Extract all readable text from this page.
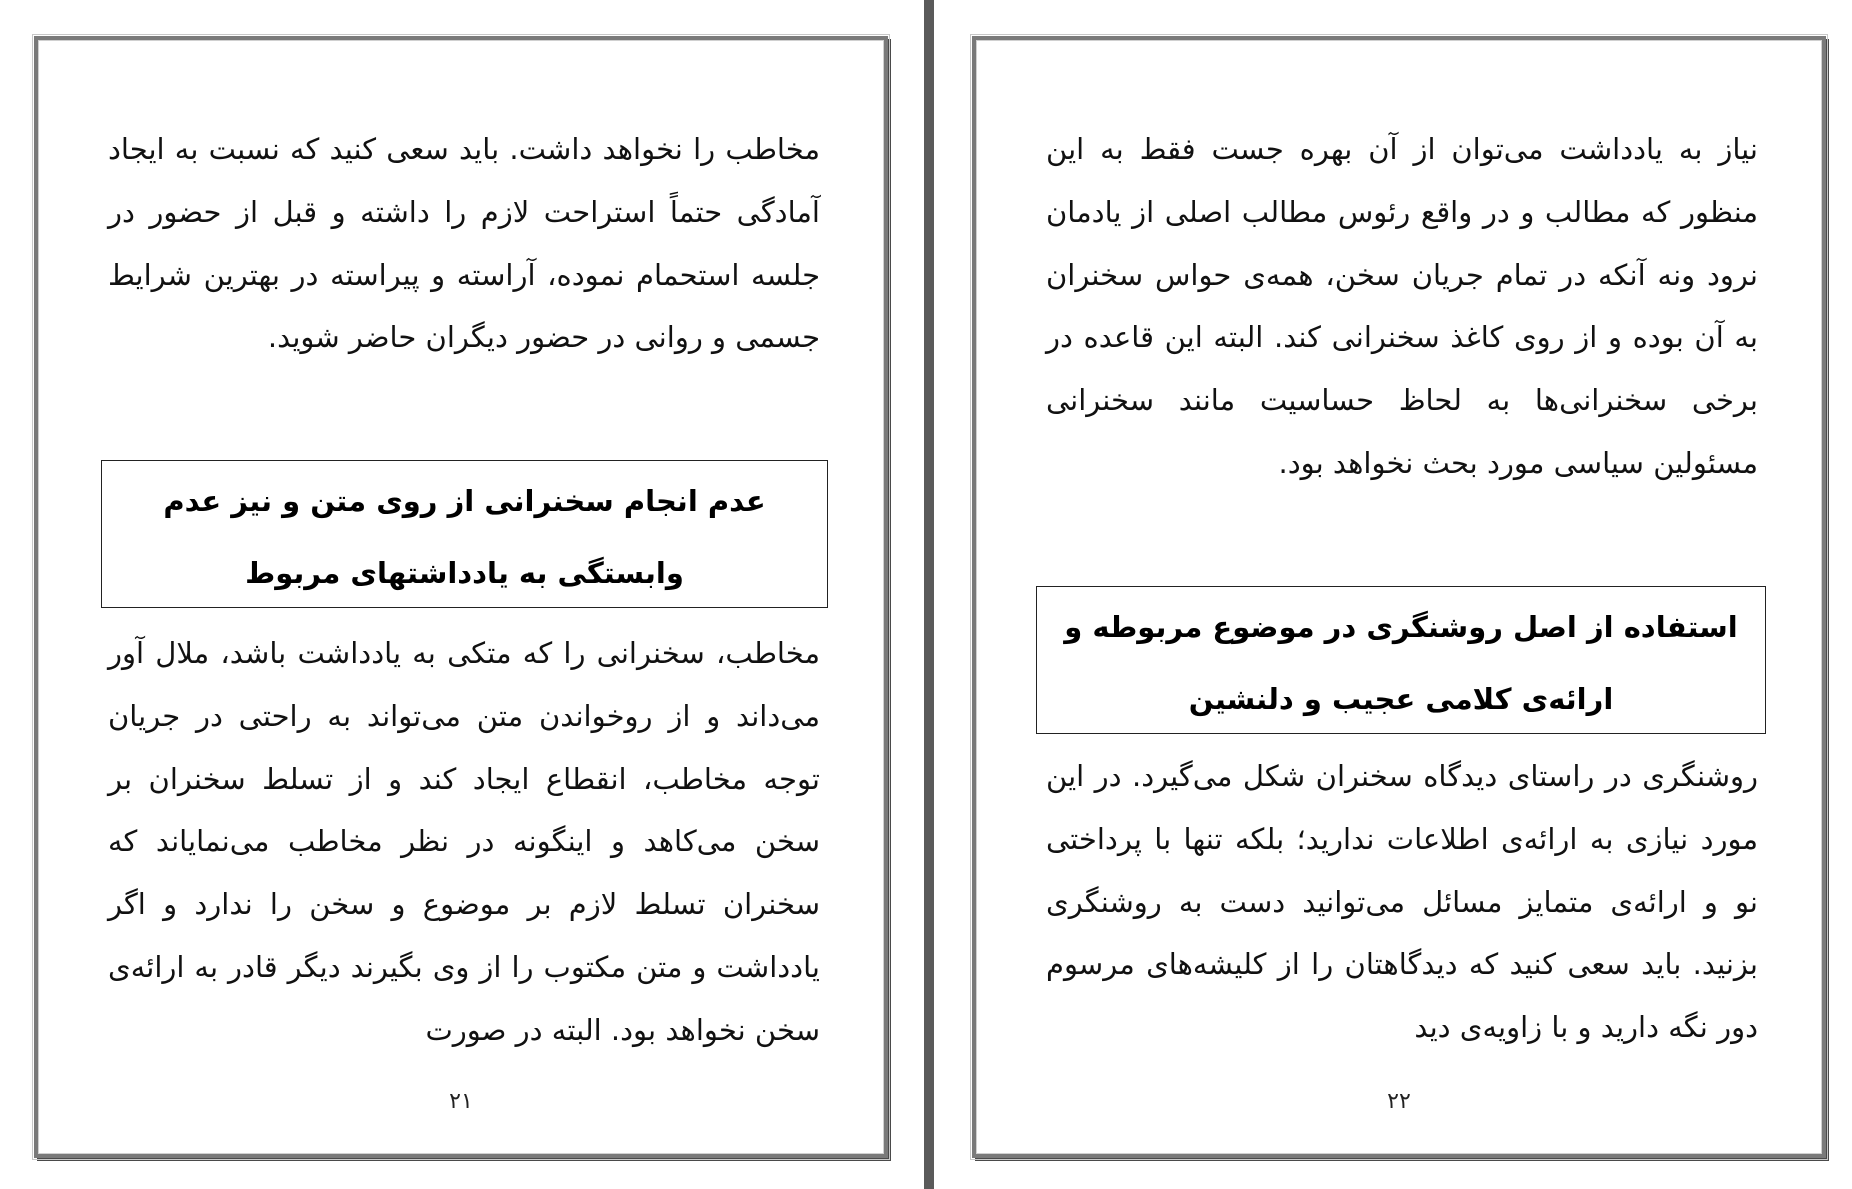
مخاطب را نخواهد داشت. باید سعی کنید که نسبت به ایجاد آمادگی حتماً استراحت لازم را داشته و قبل از حضور در جلسه استحمام نموده، آراسته و پیراسته در بهترین شرایط جسمی و روانی در حضور دیگران حاضر شوید.

عدم انجام سخنرانی از روی متن و نیز عدم وابستگی به یادداشتهای مربوط

مخاطب، سخنرانی را که متکی به یادداشت باشد، ملال آور می‌داند و از روخواندن متن می‌تواند به راحتی در جریان توجه مخاطب، انقطاع ایجاد کند و از تسلط سخنران بر سخن می‌کاهد و اینگونه در نظر مخاطب می‌نمایاند که سخنران تسلط لازم بر موضوع و سخن را ندارد و اگر یادداشت و متن مکتوب را از وی بگیرند دیگر قادر به ارائه‌ی سخن نخواهد بود. البته در صورت

۲۱

نیاز به یادداشت می‌توان از آن بهره جست فقط به این منظور که مطالب و در واقع رئوس مطالب اصلی از یادمان نرود ونه آنکه در تمام جریان سخن، همه‌ی حواس سخنران به آن بوده و از روی کاغذ سخنرانی کند. البته این قاعده در برخی سخنرانی‌ها به لحاظ حساسیت مانند سخنرانی مسئولین سیاسی مورد بحث نخواهد بود.

استفاده از اصل روشنگری در موضوع مربوطه و ارائه‌ی کلامی عجیب و دلنشین

روشنگری در راستای دیدگاه سخنران شکل می‌گیرد. در این مورد نیازی به ارائه‌ی اطلاعات ندارید؛ بلکه تنها با پرداختی نو و ارائه‌ی متمایز مسائل می‌توانید دست به روشنگری بزنید. باید سعی کنید که دیدگاهتان را از کلیشه‌های مرسوم دور نگه دارید و با زاویه‌ی دید

۲۲
